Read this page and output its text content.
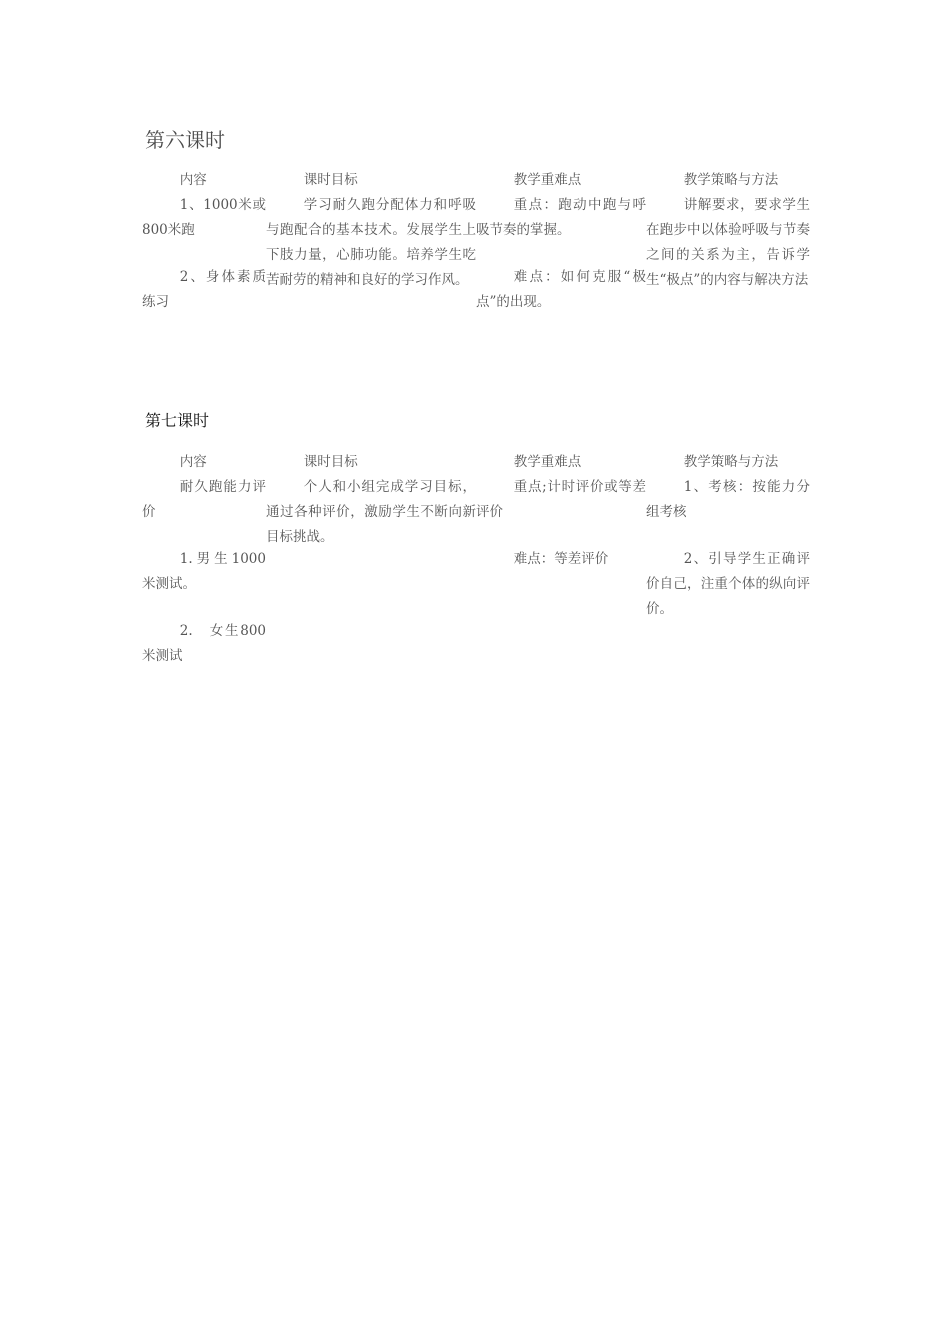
第六课时

内容

1、1000米或800米跑

2、身体素质练习

课时目标

学习耐久跑分配体力和呼吸与跑配合的基本技术。发展学生上下肢力量，心肺功能。培养学生吃苦耐劳的精神和良好的学习作风。

教学重难点

重点：跑动中跑与呼吸节奏的掌握。

难点：如何克服“极点”的出现。

教学策略与方法

讲解要求，要求学生在跑步中以体验呼吸与节奏之间的关系为主，告诉学生“极点”的内容与解决方法

第七课时

内容

耐久跑能力评价

1.男生1000米测试。

2.　女生800米测试

课时目标

个人和小组完成学习目标，通过各种评价，激励学生不断向新目标挑战。

教学重难点

重点;计时评价或等差评价

难点：等差评价

教学策略与方法

1、考核：按能力分组考核

2、引导学生正确评价自己，注重个体的纵向评价。
